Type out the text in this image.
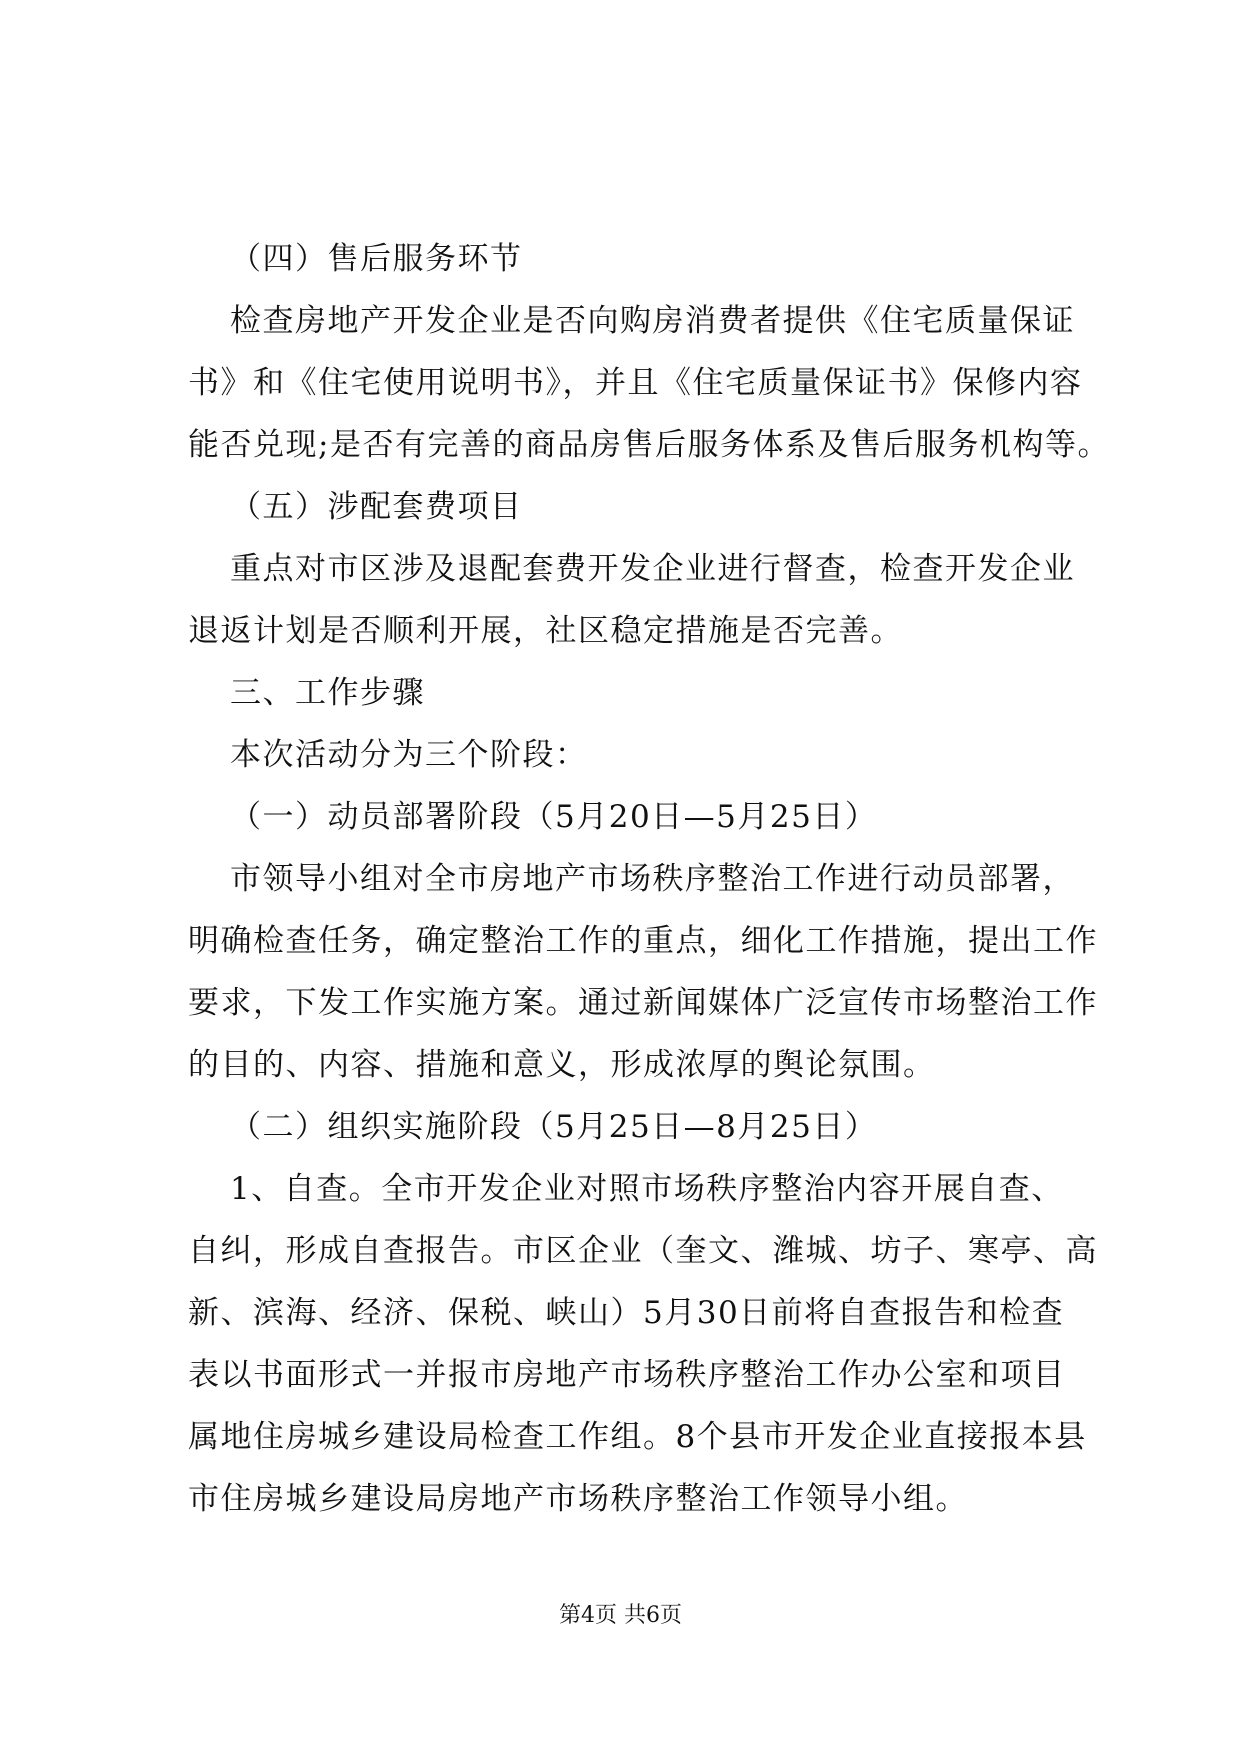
（四）售后服务环节
检查房地产开发企业是否向购房消费者提供《住宅质量保证
书》和《住宅使用说明书》，并且《住宅质量保证书》保修内容
能否兑现;是否有完善的商品房售后服务体系及售后服务机构等。
（五）涉配套费项目
重点对市区涉及退配套费开发企业进行督查，检查开发企业
退返计划是否顺利开展，社区稳定措施是否完善。
三、工作步骤
本次活动分为三个阶段：
（一）动员部署阶段（5月20日—5月25日）
市领导小组对全市房地产市场秩序整治工作进行动员部署，
明确检查任务，确定整治工作的重点，细化工作措施，提出工作
要求，下发工作实施方案。通过新闻媒体广泛宣传市场整治工作
的目的、内容、措施和意义，形成浓厚的舆论氛围。
（二）组织实施阶段（5月25日—8月25日）
1、自查。全市开发企业对照市场秩序整治内容开展自查、
自纠，形成自查报告。市区企业（奎文、潍城、坊子、寒亭、高
新、滨海、经济、保税、峡山）5月30日前将自查报告和检查
表以书面形式一并报市房地产市场秩序整治工作办公室和项目
属地住房城乡建设局检查工作组。8个县市开发企业直接报本县
市住房城乡建设局房地产市场秩序整治工作领导小组。
第4页 共6页
